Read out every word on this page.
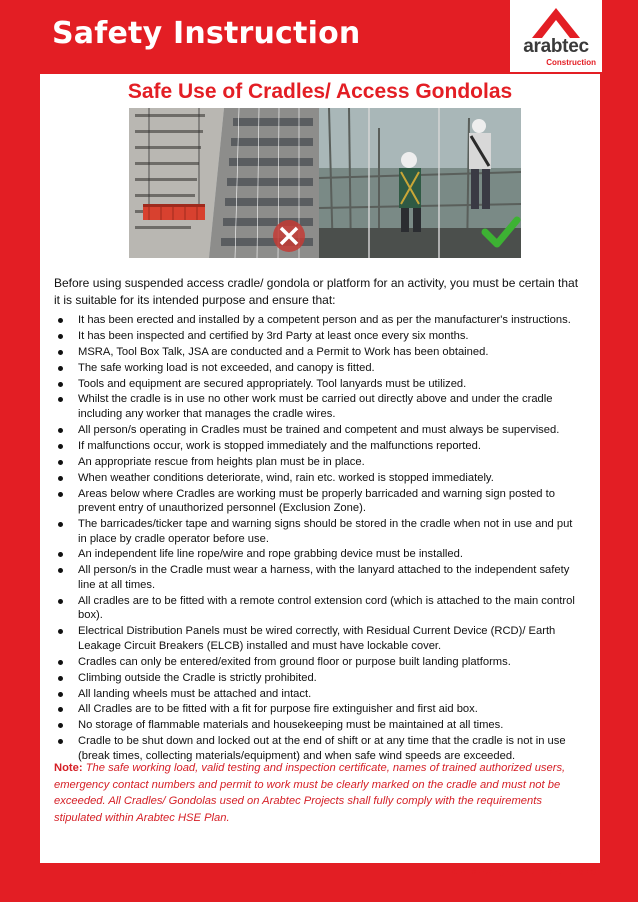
Safety Instruction	arabtec
Construction
Safe Use of Cradles/ Access Gondolas
Before using suspended access cradle/ gondola or platform for an activity, you must be certain that it is suitable for its intended purpose and ensure that:
It has been erected and installed by a competent person and as per the manufacturer's instructions.
It has been inspected and certified by 3rd Party at least once every six months.
MSRA, Tool Box Talk, JSA are conducted and a Permit to Work has been obtained.
The safe working load is not exceeded, and canopy is fitted.
Tools and equipment are secured appropriately. Tool lanyards must be utilized.
Whilst the cradle is in use no other work must be carried out directly above and under the cradle including any worker that manages the cradle wires.
All person/s operating in Cradles must be trained and competent and must always be supervised.
If malfunctions occur, work is stopped immediately and the malfunctions reported.
An appropriate rescue from heights plan must be in place.
When weather conditions deteriorate, wind, rain etc. worked is stopped immediately.
Areas below where Cradles are working must be properly barricaded and warning sign posted to prevent entry of unauthorized personnel (Exclusion Zone).
The barricades/ticker tape and warning signs should be stored in the cradle when not in use and put in place by cradle operator before use.
An independent life line rope/wire and rope grabbing device must be installed.
All person/s in the Cradle must wear a harness, with the lanyard attached to the independent safety line at all times.
All cradles are to be fitted with a remote control extension cord (which is attached to the main control box).
Electrical Distribution Panels must be wired correctly, with Residual Current Device (RCD)/ Earth Leakage Circuit Breakers (ELCB) installed and must have lockable cover.
Cradles can only be entered/exited from ground floor or purpose built landing platforms.
Climbing outside the Cradle is strictly prohibited.
All landing wheels must be attached and intact.
All Cradles are to be fitted with a fit for purpose fire extinguisher and first aid box.
No storage of flammable materials and housekeeping must be maintained at all times.
Cradle to be shut down and locked out at the end of shift or at any time that the cradle is not in use (break times, collecting materials/equipment) and when safe wind speeds are exceeded.
Note: The safe working load, valid testing and inspection certificate, names of trained authorized users, emergency contact numbers and permit to work must be clearly marked on the cradle and must not be exceeded. All Cradles/ Gondolas used on Arabtec Projects shall fully comply with the requirements stipulated within Arabtec HSE Plan.
Form # HSEQ – HSEA (Rev 0 – Aug 16)
